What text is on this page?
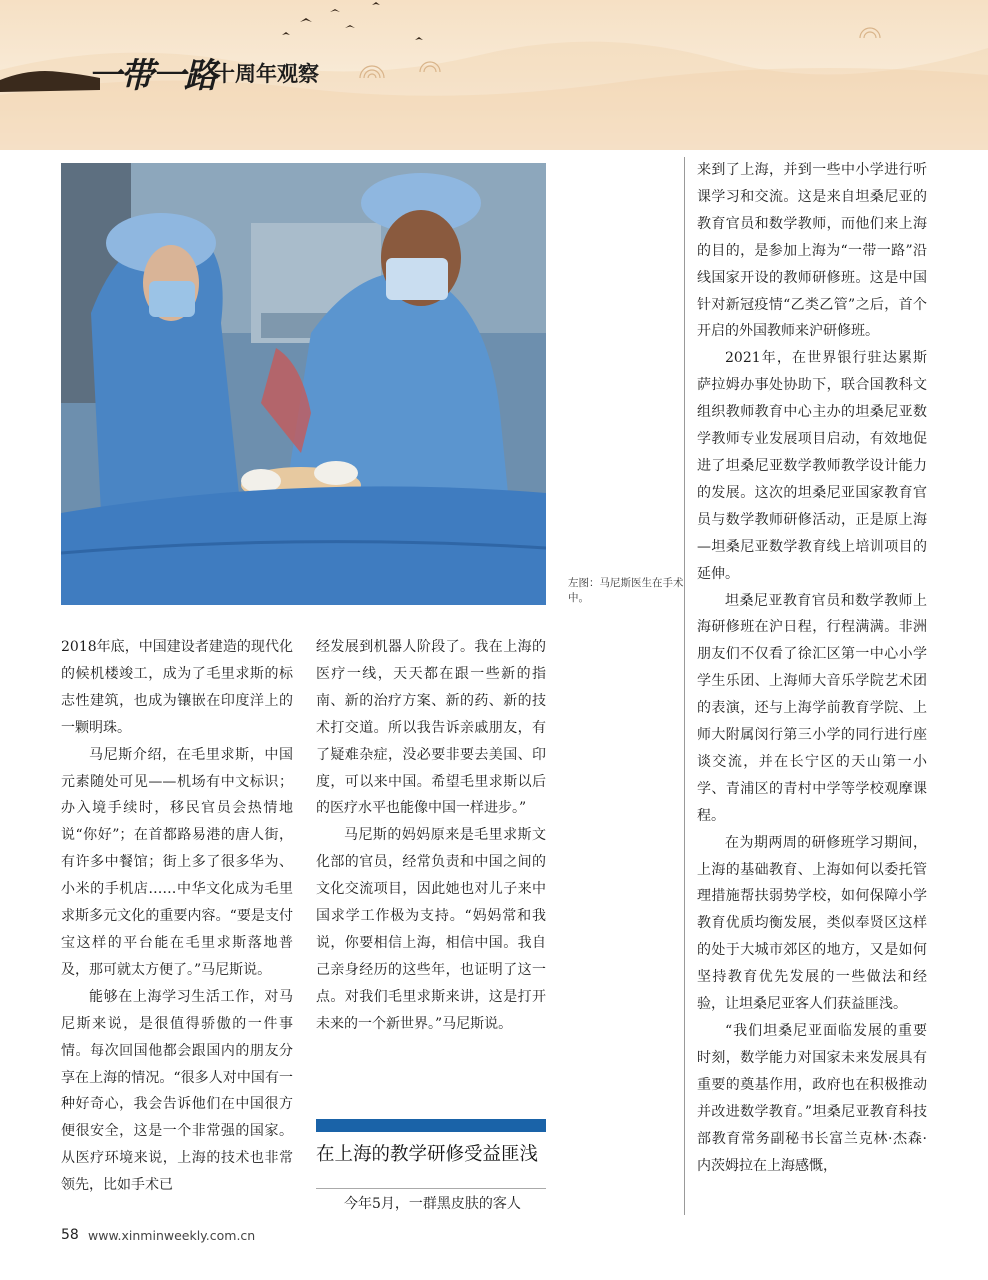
一带一路
十周年观察
左图：马尼斯医生在手术中。

2018年底，中国建设者建造的现代化的候机楼竣工，成为了毛里求斯的标志性建筑，也成为镶嵌在印度洋上的一颗明珠。

马尼斯介绍，在毛里求斯，中国元素随处可见——机场有中文标识；办入境手续时，移民官员会热情地说“你好”；在首都路易港的唐人街，有许多中餐馆；街上多了很多华为、小米的手机店……中华文化成为毛里求斯多元文化的重要内容。“要是支付宝这样的平台能在毛里求斯落地普及，那可就太方便了。”马尼斯说。

能够在上海学习生活工作，对马尼斯来说，是很值得骄傲的一件事情。每次回国他都会跟国内的朋友分享在上海的情况。“很多人对中国有一种好奇心，我会告诉他们在中国很方便很安全，这是一个非常强的国家。从医疗环境来说，上海的技术也非常领先，比如手术已

经发展到机器人阶段了。我在上海的医疗一线，天天都在跟一些新的指南、新的治疗方案、新的药、新的技术打交道。所以我告诉亲戚朋友，有了疑难杂症，没必要非要去美国、印度，可以来中国。希望毛里求斯以后的医疗水平也能像中国一样进步。”

马尼斯的妈妈原来是毛里求斯文化部的官员，经常负责和中国之间的文化交流项目，因此她也对儿子来中国求学工作极为支持。“妈妈常和我说，你要相信上海，相信中国。我自己亲身经历的这些年，也证明了这一点。对我们毛里求斯来讲，这是打开未来的一个新世界。”马尼斯说。

在上海的教学研修受益匪浅

今年5月，一群黑皮肤的客人

来到了上海，并到一些中小学进行听课学习和交流。这是来自坦桑尼亚的教育官员和数学教师，而他们来上海的目的，是参加上海为“一带一路”沿线国家开设的教师研修班。这是中国针对新冠疫情“乙类乙管”之后，首个开启的外国教师来沪研修班。

2021年，在世界银行驻达累斯萨拉姆办事处协助下，联合国教科文组织教师教育中心主办的坦桑尼亚数学教师专业发展项目启动，有效地促进了坦桑尼亚数学教师教学设计能力的发展。这次的坦桑尼亚国家教育官员与数学教师研修活动，正是原上海—坦桑尼亚数学教育线上培训项目的延伸。

坦桑尼亚教育官员和数学教师上海研修班在沪日程，行程满满。非洲朋友们不仅看了徐汇区第一中心小学学生乐团、上海师大音乐学院艺术团的表演，还与上海学前教育学院、上师大附属闵行第三小学的同行进行座谈交流，并在长宁区的天山第一小学、青浦区的青村中学等学校观摩课程。

在为期两周的研修班学习期间，上海的基础教育、上海如何以委托管理措施帮扶弱势学校，如何保障小学教育优质均衡发展，类似奉贤区这样的处于大城市郊区的地方，又是如何坚持教育优先发展的一些做法和经验，让坦桑尼亚客人们获益匪浅。

“我们坦桑尼亚面临发展的重要时刻，数学能力对国家未来发展具有重要的奠基作用，政府也在积极推动并改进数学教育。”坦桑尼亚教育科技部教育常务副秘书长富兰克林·杰森·内茨姆拉在上海感慨，

58 www.xinminweekly.com.cn
